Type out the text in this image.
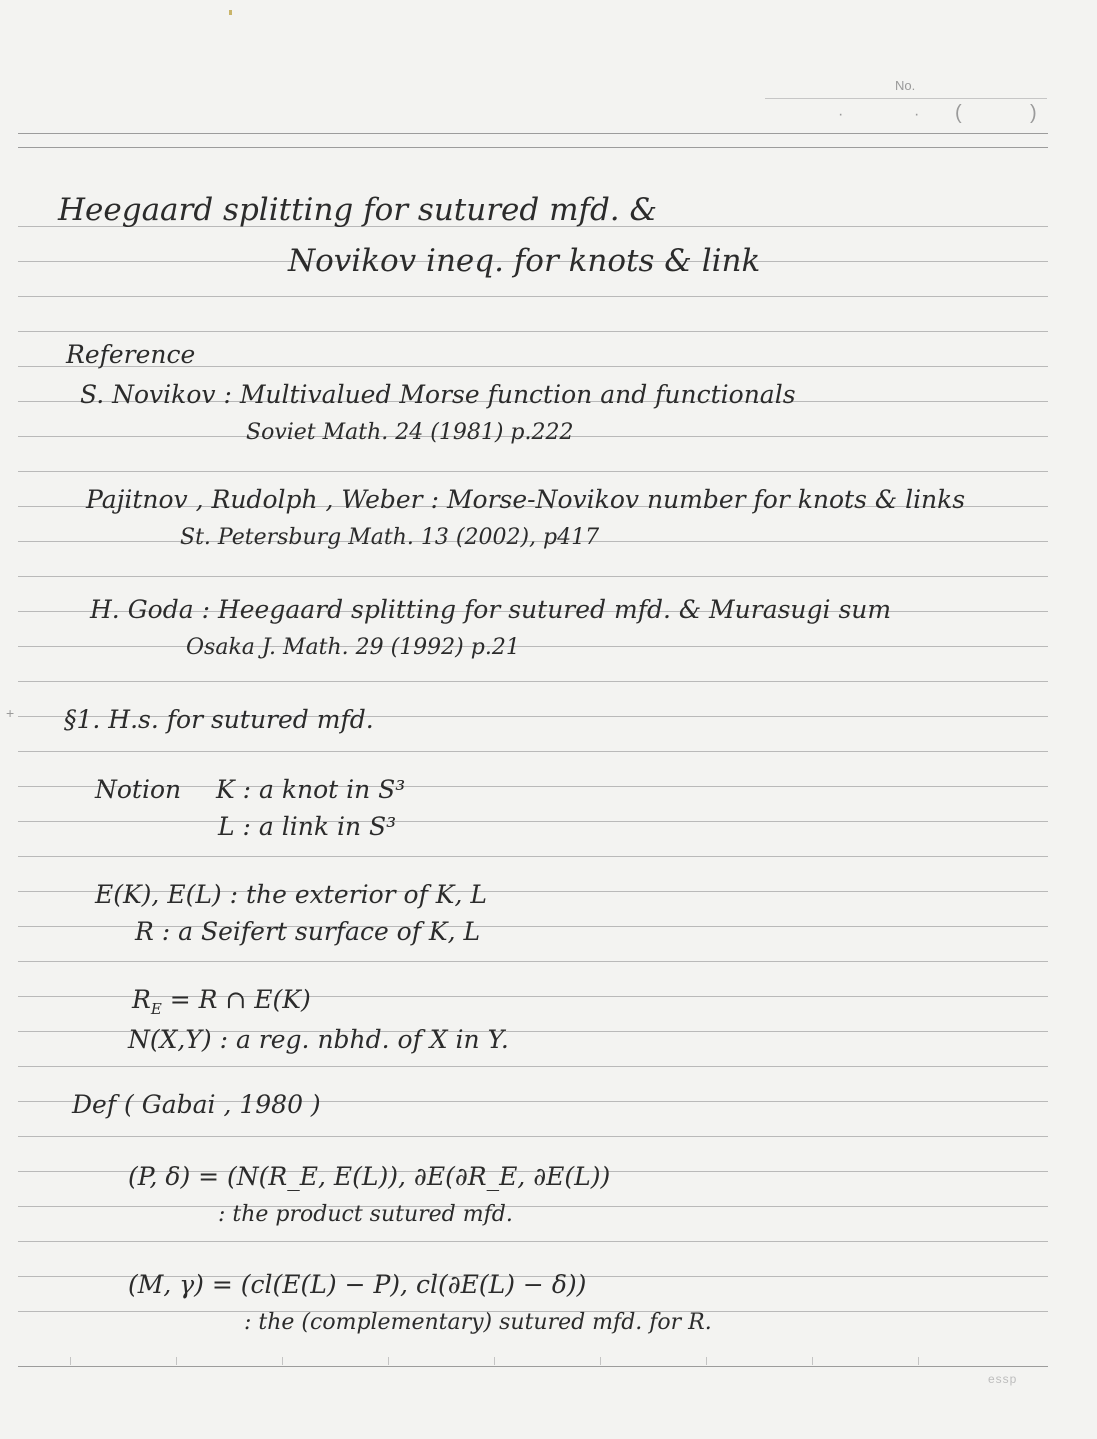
No.
·	· (	)
+
Heegaard splitting for sutured mfd. &
Novikov ineq. for knots & link
Reference
S. Novikov : Multivalued Morse function and functionals
Soviet Math. 24 (1981) p.222
Pajitnov , Rudolph , Weber : Morse-Novikov number for knots & links
St. Petersburg Math. 13 (2002), p417
H. Goda : Heegaard splitting for sutured mfd. & Murasugi sum
Osaka J. Math. 29 (1992) p.21
§1. H.s. for sutured mfd.
Notion K : a knot in S³
L : a link in S³
E(K), E(L) : the exterior of K, L
R : a Seifert surface of K, L
$R_E = R$ ∩ E(K)
N(X,Y) : a reg. nbhd. of X in Y.
Def ( Gabai , 1980 )
(P, δ) = (N(R_E, E(L)), ∂E(∂R_E, ∂E(L))
: the product sutured mfd.
(M, γ) = (cl(E(L) − P), cl(∂E(L) − δ))
: the (complementary) sutured mfd. for R.
essp
